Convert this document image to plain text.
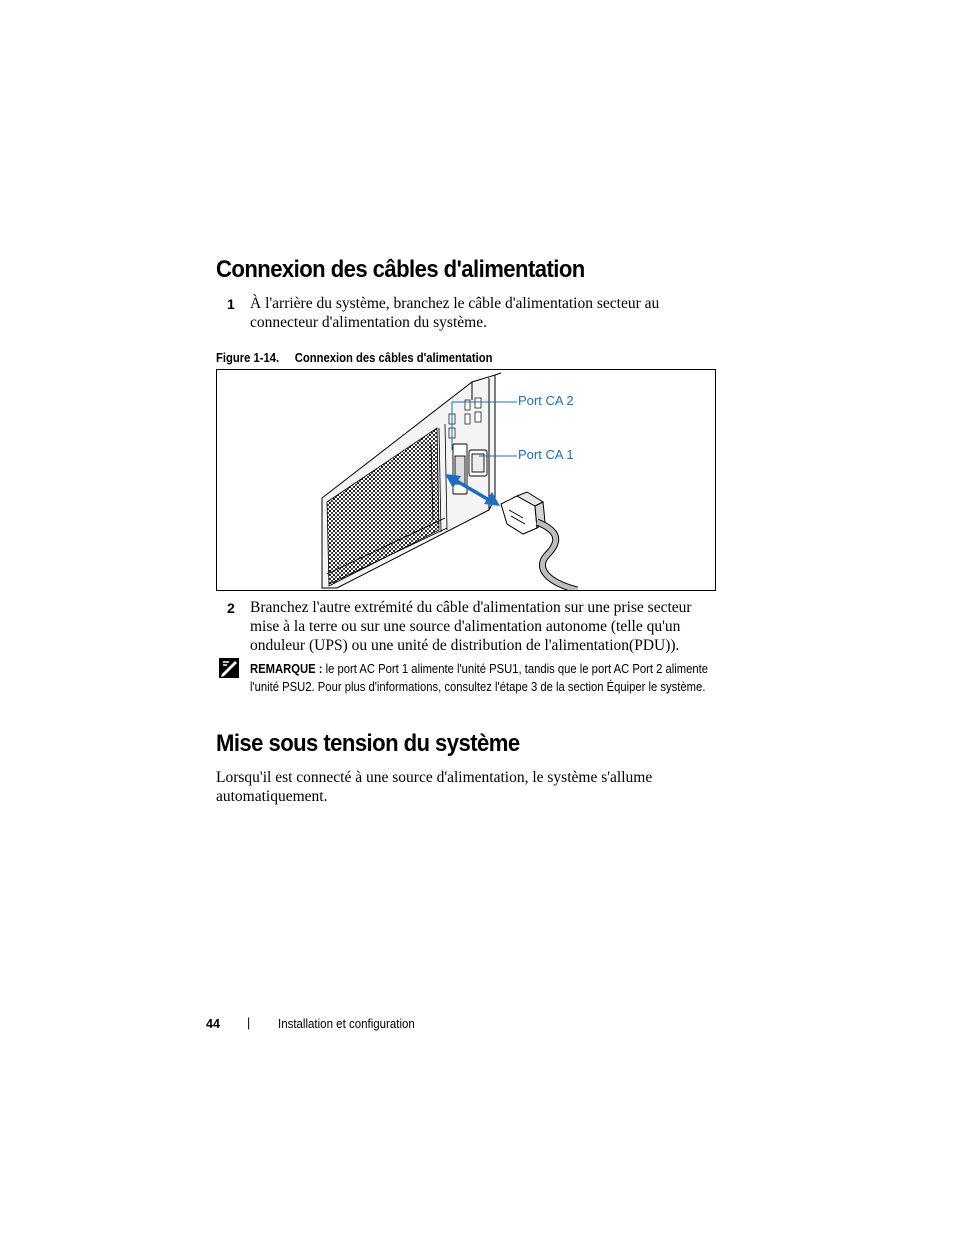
Connexion des câbles d'alimentation
1 À l'arrière du système, branchez le câble d'alimentation secteur au connecteur d'alimentation du système.
Figure 1-14. Connexion des câbles d'alimentation
Port CA 2
Port CA 1
2 Branchez l'autre extrémité du câble d'alimentation sur une prise secteur mise à la terre ou sur une source d'alimentation autonome (telle qu'un onduleur (UPS) ou une unité de distribution de l'alimentation(PDU)).
REMARQUE : le port AC Port 1 alimente l'unité PSU1, tandis que le port AC Port 2 alimente l'unité PSU2. Pour plus d'informations, consultez l'étape 3 de la section Équiper le système.
Mise sous tension du système
Lorsqu'il est connecté à une source d'alimentation, le système s'allume automatiquement.
44 | Installation et configuration
